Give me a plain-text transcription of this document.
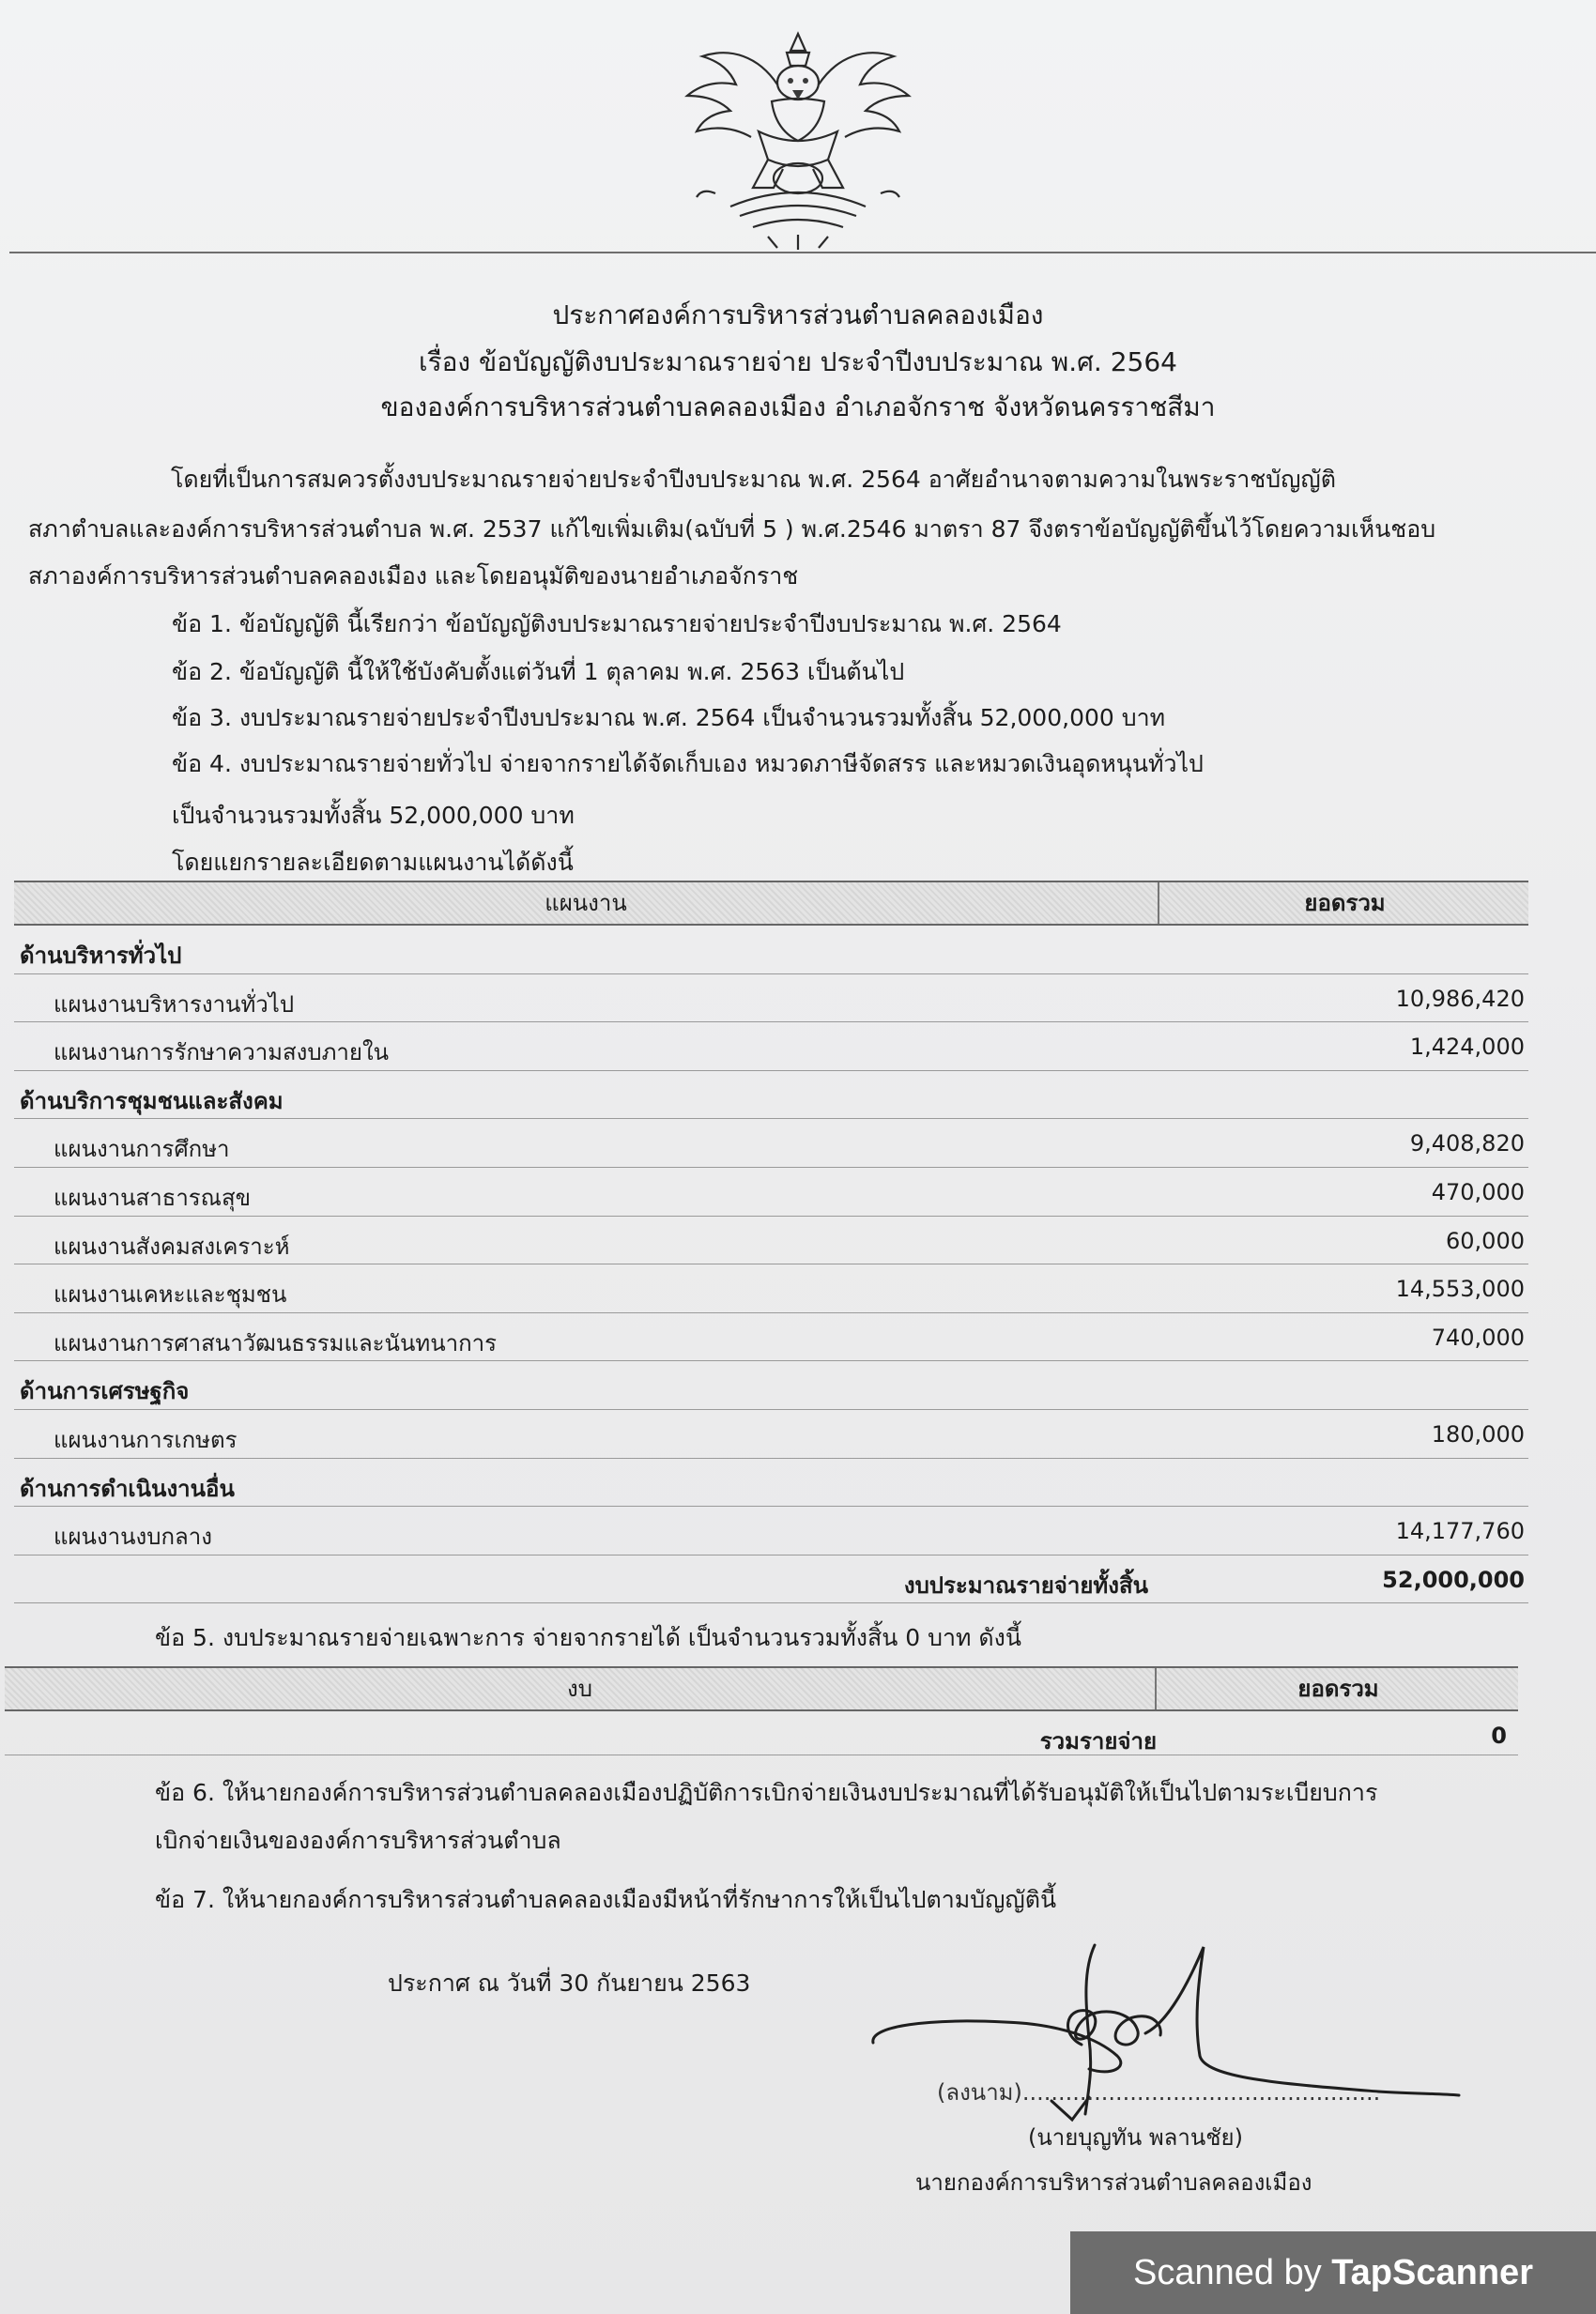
ประกาศองค์การบริหารส่วนตำบลคลองเมือง
เรื่อง ข้อบัญญัติงบประมาณรายจ่าย ประจำปีงบประมาณ พ.ศ. 2564
ขององค์การบริหารส่วนตำบลคลองเมือง อำเภอจักราช จังหวัดนครราชสีมา
โดยที่เป็นการสมควรตั้งงบประมาณรายจ่ายประจำปีงบประมาณ พ.ศ. 2564 อาศัยอำนาจตามความในพระราชบัญญัติ
สภาตำบลและองค์การบริหารส่วนตำบล พ.ศ. 2537 แก้ไขเพิ่มเติม(ฉบับที่ 5 ) พ.ศ.2546 มาตรา 87 จึงตราข้อบัญญัติขึ้นไว้โดยความเห็นชอบ
สภาองค์การบริหารส่วนตำบลคลองเมือง และโดยอนุมัติของนายอำเภอจักราช
ข้อ 1. ข้อบัญญัติ นี้เรียกว่า ข้อบัญญัติงบประมาณรายจ่ายประจำปีงบประมาณ พ.ศ. 2564
ข้อ 2. ข้อบัญญัติ นี้ให้ใช้บังคับตั้งแต่วันที่ 1 ตุลาคม พ.ศ. 2563 เป็นต้นไป
ข้อ 3. งบประมาณรายจ่ายประจำปีงบประมาณ พ.ศ. 2564 เป็นจำนวนรวมทั้งสิ้น 52,000,000 บาท
ข้อ 4. งบประมาณรายจ่ายทั่วไป จ่ายจากรายได้จัดเก็บเอง หมวดภาษีจัดสรร และหมวดเงินอุดหนุนทั่วไป
เป็นจำนวนรวมทั้งสิ้น 52,000,000 บาท
โดยแยกรายละเอียดตามแผนงานได้ดังนี้
แผนงาน	ยอดรวม
ด้านบริหารทั่วไป
แผนงานบริหารงานทั่วไป	10,986,420
แผนงานการรักษาความสงบภายใน	1,424,000
ด้านบริการชุมชนและสังคม
แผนงานการศึกษา	9,408,820
แผนงานสาธารณสุข	470,000
แผนงานสังคมสงเคราะห์	60,000
แผนงานเคหะและชุมชน	14,553,000
แผนงานการศาสนาวัฒนธรรมและนันทนาการ	740,000
ด้านการเศรษฐกิจ
แผนงานการเกษตร	180,000
ด้านการดำเนินงานอื่น
แผนงานงบกลาง	14,177,760
งบประมาณรายจ่ายทั้งสิ้น	52,000,000
ข้อ 5. งบประมาณรายจ่ายเฉพาะการ จ่ายจากรายได้ เป็นจำนวนรวมทั้งสิ้น 0 บาท ดังนี้
งบ	ยอดรวม
รวมรายจ่าย	0
ข้อ 6. ให้นายกองค์การบริหารส่วนตำบลคลองเมืองปฏิบัติการเบิกจ่ายเงินงบประมาณที่ได้รับอนุมัติให้เป็นไปตามระเบียบการ
เบิกจ่ายเงินขององค์การบริหารส่วนตำบล
ข้อ 7. ให้นายกองค์การบริหารส่วนตำบลคลองเมืองมีหน้าที่รักษาการให้เป็นไปตามบัญญัตินี้
ประกาศ ณ วันที่ 30 กันยายน 2563
(ลงนาม)..................................................
(นายบุญทัน พลานชัย)
นายกองค์การบริหารส่วนตำบลคลองเมือง
Scanned by TapScanner
